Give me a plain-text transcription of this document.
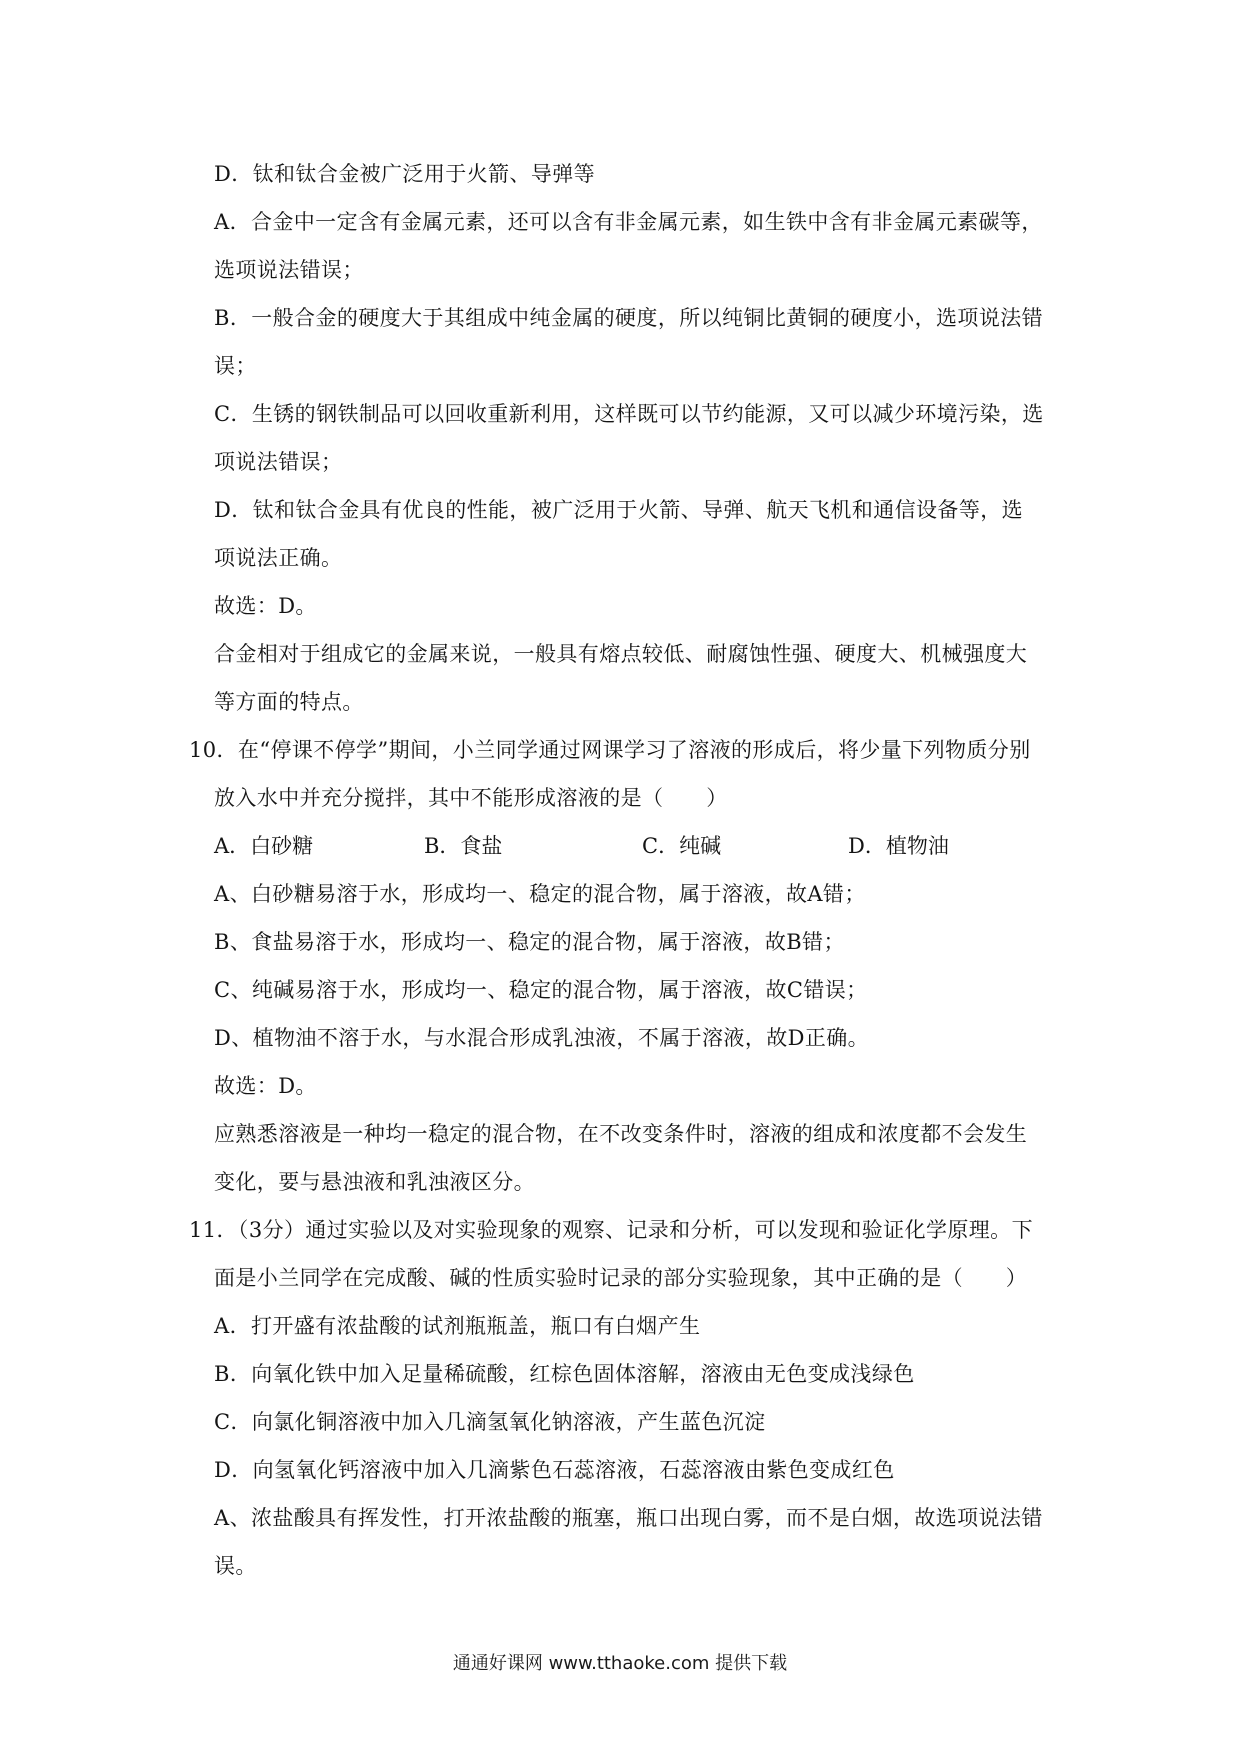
D．钛和钛合金被广泛用于火箭、导弹等
A．合金中一定含有金属元素，还可以含有非金属元素，如生铁中含有非金属元素碳等，
选项说法错误；
B．一般合金的硬度大于其组成中纯金属的硬度，所以纯铜比黄铜的硬度小，选项说法错
误；
C．生锈的钢铁制品可以回收重新利用，这样既可以节约能源，又可以减少环境污染，选
项说法错误；
D．钛和钛合金具有优良的性能，被广泛用于火箭、导弹、航天飞机和通信设备等，选
项说法正确。
故选：D。
合金相对于组成它的金属来说，一般具有熔点较低、耐腐蚀性强、硬度大、机械强度大
等方面的特点。
10．在“停课不停学”期间，小兰同学通过网课学习了溶液的形成后，将少量下列物质分别
放入水中并充分搅拌，其中不能形成溶液的是（　　）
A．白砂糖	B．食盐	C．纯碱	D．植物油
A、白砂糖易溶于水，形成均一、稳定的混合物，属于溶液，故A错；
B、食盐易溶于水，形成均一、稳定的混合物，属于溶液，故B错；
C、纯碱易溶于水，形成均一、稳定的混合物，属于溶液，故C错误；
D、植物油不溶于水，与水混合形成乳浊液，不属于溶液，故D正确。
故选：D。
应熟悉溶液是一种均一稳定的混合物，在不改变条件时，溶液的组成和浓度都不会发生
变化，要与悬浊液和乳浊液区分。
11．（3分）通过实验以及对实验现象的观察、记录和分析，可以发现和验证化学原理。下
面是小兰同学在完成酸、碱的性质实验时记录的部分实验现象，其中正确的是（　　）
A．打开盛有浓盐酸的试剂瓶瓶盖，瓶口有白烟产生
B．向氧化铁中加入足量稀硫酸，红棕色固体溶解，溶液由无色变成浅绿色
C．向氯化铜溶液中加入几滴氢氧化钠溶液，产生蓝色沉淀
D．向氢氧化钙溶液中加入几滴紫色石蕊溶液，石蕊溶液由紫色变成红色
A、浓盐酸具有挥发性，打开浓盐酸的瓶塞，瓶口出现白雾，而不是白烟，故选项说法错
误。
通通好课网 www.tthaoke.com 提供下载
